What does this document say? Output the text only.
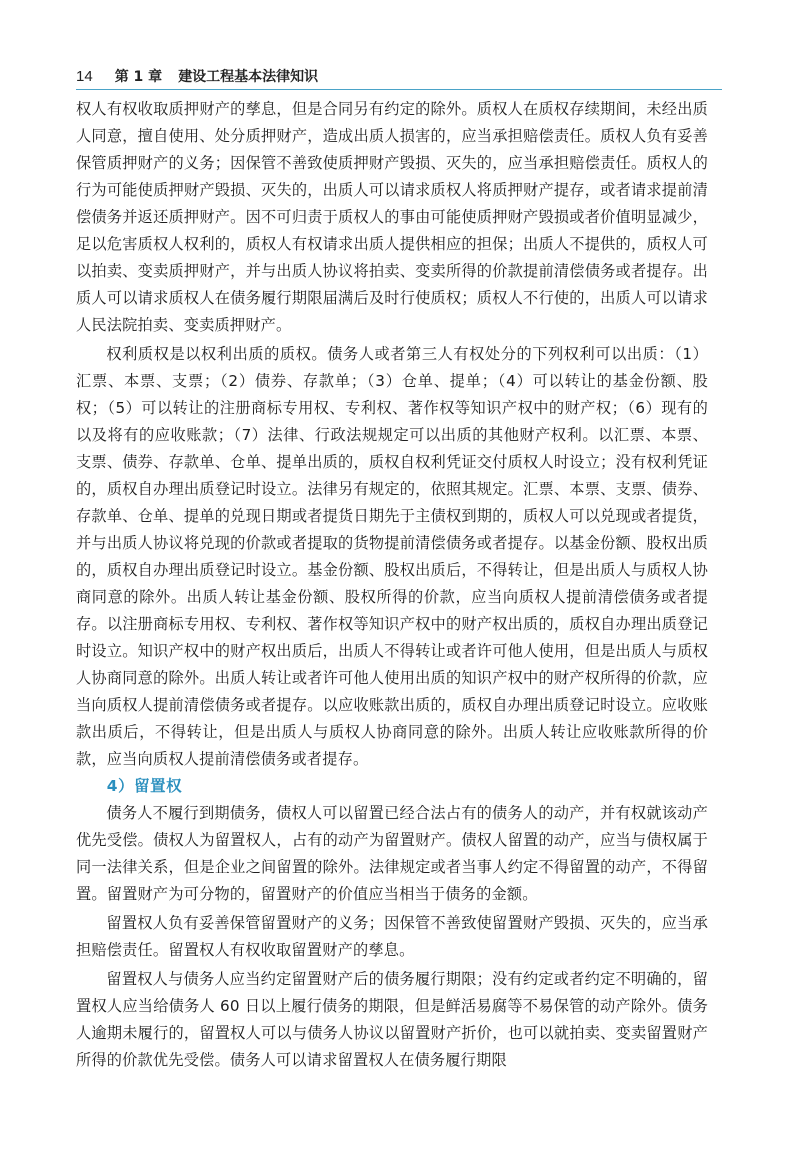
14 第 1 章 建设工程基本法律知识

权人有权收取质押财产的孳息，但是合同另有约定的除外。质权人在质权存续期间，未经出质人同意，擅自使用、处分质押财产，造成出质人损害的，应当承担赔偿责任。质权人负有妥善保管质押财产的义务；因保管不善致使质押财产毁损、灭失的，应当承担赔偿责任。质权人的行为可能使质押财产毁损、灭失的，出质人可以请求质权人将质押财产提存，或者请求提前清偿债务并返还质押财产。因不可归责于质权人的事由可能使质押财产毁损或者价值明显减少，足以危害质权人权利的，质权人有权请求出质人提供相应的担保；出质人不提供的，质权人可以拍卖、变卖质押财产，并与出质人协议将拍卖、变卖所得的价款提前清偿债务或者提存。出质人可以请求质权人在债务履行期限届满后及时行使质权；质权人不行使的，出质人可以请求人民法院拍卖、变卖质押财产。

权利质权是以权利出质的质权。债务人或者第三人有权处分的下列权利可以出质：（1）汇票、本票、支票；（2）债券、存款单；（3）仓单、提单；（4）可以转让的基金份额、股权；（5）可以转让的注册商标专用权、专利权、著作权等知识产权中的财产权；（6）现有的以及将有的应收账款；（7）法律、行政法规规定可以出质的其他财产权利。以汇票、本票、支票、债券、存款单、仓单、提单出质的，质权自权利凭证交付质权人时设立；没有权利凭证的，质权自办理出质登记时设立。法律另有规定的，依照其规定。汇票、本票、支票、债券、存款单、仓单、提单的兑现日期或者提货日期先于主债权到期的，质权人可以兑现或者提货，并与出质人协议将兑现的价款或者提取的货物提前清偿债务或者提存。以基金份额、股权出质的，质权自办理出质登记时设立。基金份额、股权出质后，不得转让，但是出质人与质权人协商同意的除外。出质人转让基金份额、股权所得的价款，应当向质权人提前清偿债务或者提存。以注册商标专用权、专利权、著作权等知识产权中的财产权出质的，质权自办理出质登记时设立。知识产权中的财产权出质后，出质人不得转让或者许可他人使用，但是出质人与质权人协商同意的除外。出质人转让或者许可他人使用出质的知识产权中的财产权所得的价款，应当向质权人提前清偿债务或者提存。以应收账款出质的，质权自办理出质登记时设立。应收账款出质后，不得转让，但是出质人与质权人协商同意的除外。出质人转让应收账款所得的价款，应当向质权人提前清偿债务或者提存。

4）留置权

债务人不履行到期债务，债权人可以留置已经合法占有的债务人的动产，并有权就该动产优先受偿。债权人为留置权人，占有的动产为留置财产。债权人留置的动产，应当与债权属于同一法律关系，但是企业之间留置的除外。法律规定或者当事人约定不得留置的动产，不得留置。留置财产为可分物的，留置财产的价值应当相当于债务的金额。

留置权人负有妥善保管留置财产的义务；因保管不善致使留置财产毁损、灭失的，应当承担赔偿责任。留置权人有权收取留置财产的孳息。

留置权人与债务人应当约定留置财产后的债务履行期限；没有约定或者约定不明确的，留置权人应当给债务人 60 日以上履行债务的期限，但是鲜活易腐等不易保管的动产除外。债务人逾期未履行的，留置权人可以与债务人协议以留置财产折价，也可以就拍卖、变卖留置财产所得的价款优先受偿。债务人可以请求留置权人在债务履行期限
